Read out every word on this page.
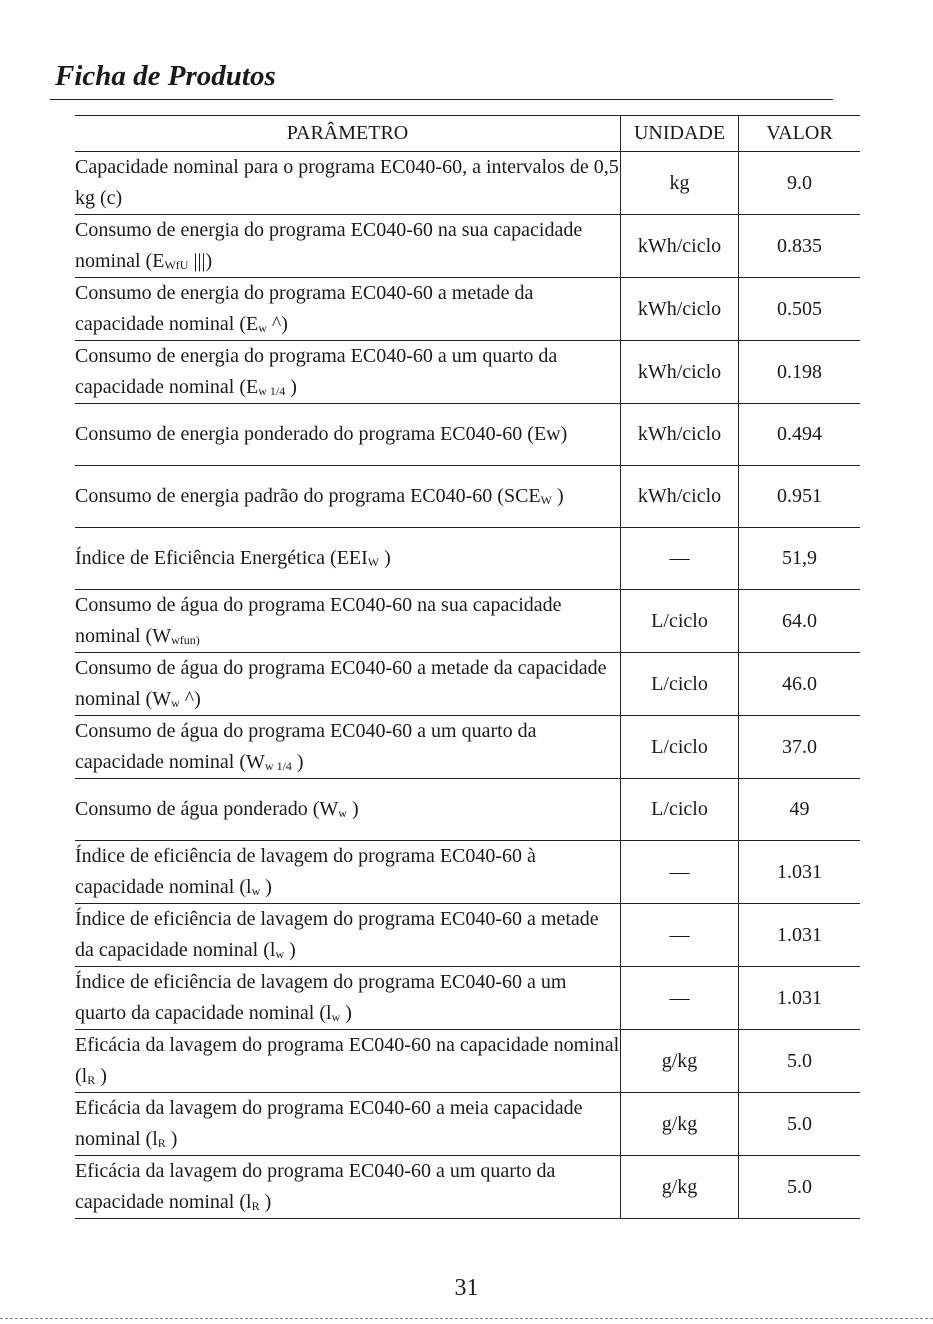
Ficha de Produtos
PARÂMETRO	UNIDADE	VALOR
Capacidade nominal para o programa EC040-60, a intervalos de 0,5 kg (c)	kg	9.0
Consumo de energia do programa EC040-60 na sua capacidade nominal ($E_{WfU}$ |||)	kWh/ciclo	0.835
Consumo de energia do programa EC040-60 a metade da capacidade nominal ($E_w$ ^)	kWh/ciclo	0.505
Consumo de energia do programa EC040-60 a um quarto da capacidade nominal ($E_{w 1/4}$ )	kWh/ciclo	0.198
Consumo de energia ponderado do programa EC040-60 (Ew)	kWh/ciclo	0.494
Consumo de energia padrão do programa EC040-60 ($SCE_W$ )	kWh/ciclo	0.951
Índice de Eficiência Energética ($EEI_W$ )	—	51,9
Consumo de água do programa EC040-60 na sua capacidade nominal ($W_{wfun)}$	L/ciclo	64.0
Consumo de água do programa EC040-60 a metade da capacidade nominal ($W_w$ ^)	L/ciclo	46.0
Consumo de água do programa EC040-60 a um quarto da capacidade nominal ($W_{w 1/4}$ )	L/ciclo	37.0
Consumo de água ponderado ($W_w$ )	L/ciclo	49
Índice de eficiência de lavagem do programa EC040-60 à capacidade nominal ($l_w$ )	—	1.031
Índice de eficiência de lavagem do programa EC040-60 a metade da capacidade nominal ($l_w$ )	—	1.031
Índice de eficiência de lavagem do programa EC040-60 a um quarto da capacidade nominal ($l_w$ )	—	1.031
Eficácia da lavagem do programa EC040-60 na capacidade nominal ($l_R$ )	g/kg	5.0
Eficácia da lavagem do programa EC040-60 a meia capacidade nominal ($l_R$ )	g/kg	5.0
Eficácia da lavagem do programa EC040-60 a um quarto da capacidade nominal ($l_R$ )	g/kg	5.0
31
